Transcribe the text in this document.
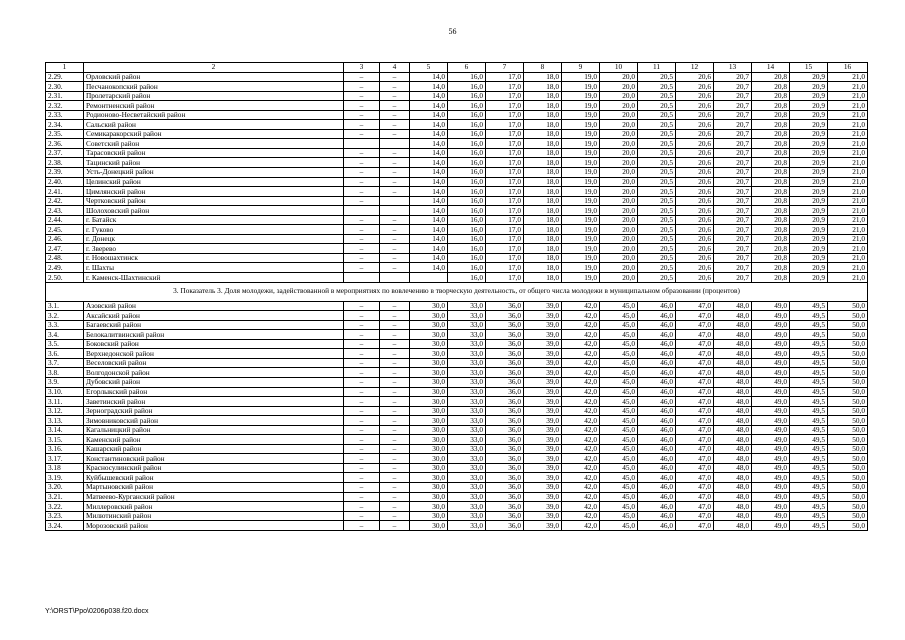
56
1	2	3	4	5	6	7	8	9	10	11	12	13	14	15	16
2.29.	Орловский район	–	–	14,0	16,0	17,0	18,0	19,0	20,0	20,5	20,6	20,7	20,8	20,9	21,0
2.30.	Песчанокопский район	–	–	14,0	16,0	17,0	18,0	19,0	20,0	20,5	20,6	20,7	20,8	20,9	21,0
2.31.	Пролетарский район	–	–	14,0	16,0	17,0	18,0	19,0	20,0	20,5	20,6	20,7	20,8	20,9	21,0
2.32.	Ремонтненский район	–	–	14,0	16,0	17,0	18,0	19,0	20,0	20,5	20,6	20,7	20,8	20,9	21,0
2.33.	Родионово-Несветайский район	–	–	14,0	16,0	17,0	18,0	19,0	20,0	20,5	20,6	20,7	20,8	20,9	21,0
2.34.	Сальский район	–	–	14,0	16,0	17,0	18,0	19,0	20,0	20,5	20,6	20,7	20,8	20,9	21,0
2.35.	Семикаракорский район	–	–	14,0	16,0	17,0	18,0	19,0	20,0	20,5	20,6	20,7	20,8	20,9	21,0
2.36.	Советский район			14,0	16,0	17,0	18,0	19,0	20,0	20,5	20,6	20,7	20,8	20,9	21,0
2.37.	Тарасовский район	–	–	14,0	16,0	17,0	18,0	19,0	20,0	20,5	20,6	20,7	20,8	20,9	21,0
2.38.	Тацинский район	–	–	14,0	16,0	17,0	18,0	19,0	20,0	20,5	20,6	20,7	20,8	20,9	21,0
2.39.	Усть-Донецкий район	–	–	14,0	16,0	17,0	18,0	19,0	20,0	20,5	20,6	20,7	20,8	20,9	21,0
2.40.	Целинский район	–	–	14,0	16,0	17,0	18,0	19,0	20,0	20,5	20,6	20,7	20,8	20,9	21,0
2.41.	Цимлянский район	–	–	14,0	16,0	17,0	18,0	19,0	20,0	20,5	20,6	20,7	20,8	20,9	21,0
2.42.	Чертковский район	–		14,0	16,0	17,0	18,0	19,0	20,0	20,5	20,6	20,7	20,8	20,9	21,0
2.43.	Шолоховский район			14,0	16,0	17,0	18,0	19,0	20,0	20,5	20,6	20,7	20,8	20,9	21,0
2.44.	г. Батайск	–	–	14,0	16,0	17,0	18,0	19,0	20,0	20,5	20,6	20,7	20,8	20,9	21,0
2.45.	г. Гуково	–	–	14,0	16,0	17,0	18,0	19,0	20,0	20,5	20,6	20,7	20,8	20,9	21,0
2.46.	г. Донецк	–	–	14,0	16,0	17,0	18,0	19,0	20,0	20,5	20,6	20,7	20,8	20,9	21,0
2.47.	г. Зверево	–	–	14,0	16,0	17,0	18,0	19,0	20,0	20,5	20,6	20,7	20,8	20,9	21,0
2.48.	г. Новошахтинск	–	–	14,0	16,0	17,0	18,0	19,0	20,0	20,5	20,6	20,7	20,8	20,9	21,0
2.49.	г. Шахты	–	–	14,0	16,0	17,0	18,0	19,0	20,0	20,5	20,6	20,7	20,8	20,9	21,0
2.50.	г. Каменск-Шахтинский				16,0	17,0	18,0	19,0	20,0	20,5	20,6	20,7	20,8	20,9	21,0
3. Показатель 3. Доля молодежи, задействованной в мероприятиях по вовлечению в творческую деятельность, от общего числа молодежи в муниципальном образовании (процентов)															
3.1.	Азовский район	–	–	30,0	33,0	36,0	39,0	42,0	45,0	46,0	47,0	48,0	49,0	49,5	50,0
3.2.	Аксайский район	–	–	30,0	33,0	36,0	39,0	42,0	45,0	46,0	47,0	48,0	49,0	49,5	50,0
3.3.	Багаевский район	–	–	30,0	33,0	36,0	39,0	42,0	45,0	46,0	47,0	48,0	49,0	49,5	50,0
3.4.	Белокалитвинский район	–	–	30,0	33,0	36,0	39,0	42,0	45,0	46,0	47,0	48,0	49,0	49,5	50,0
3.5.	Боковский район	–	–	30,0	33,0	36,0	39,0	42,0	45,0	46,0	47,0	48,0	49,0	49,5	50,0
3.6.	Верхнедонской район	–	–	30,0	33,0	36,0	39,0	42,0	45,0	46,0	47,0	48,0	49,0	49,5	50,0
3.7.	Веселовский район	–	–	30,0	33,0	36,0	39,0	42,0	45,0	46,0	47,0	48,0	49,0	49,5	50,0
3.8.	Волгодонской район	–	–	30,0	33,0	36,0	39,0	42,0	45,0	46,0	47,0	48,0	49,0	49,5	50,0
3.9.	Дубовский район	–	–	30,0	33,0	36,0	39,0	42,0	45,0	46,0	47,0	48,0	49,0	49,5	50,0
3.10.	Егорлыкский район	–	–	30,0	33,0	36,0	39,0	42,0	45,0	46,0	47,0	48,0	49,0	49,5	50,0
3.11.	Заветинский район	–	–	30,0	33,0	36,0	39,0	42,0	45,0	46,0	47,0	48,0	49,0	49,5	50,0
3.12.	Зерноградский район	–	–	30,0	33,0	36,0	39,0	42,0	45,0	46,0	47,0	48,0	49,0	49,5	50,0
3.13.	Зимовниковский район	–	–	30,0	33,0	36,0	39,0	42,0	45,0	46,0	47,0	48,0	49,0	49,5	50,0
3.14.	Кагальницкий район	–	–	30,0	33,0	36,0	39,0	42,0	45,0	46,0	47,0	48,0	49,0	49,5	50,0
3.15.	Каменский район	–	–	30,0	33,0	36,0	39,0	42,0	45,0	46,0	47,0	48,0	49,0	49,5	50,0
3.16.	Кашарский район	–	–	30,0	33,0	36,0	39,0	42,0	45,0	46,0	47,0	48,0	49,0	49,5	50,0
3.17.	Константиновский район	–	–	30,0	33,0	36,0	39,0	42,0	45,0	46,0	47,0	48,0	49,0	49,5	50,0
3.18	Красносулинский район	–	–	30,0	33,0	36,0	39,0	42,0	45,0	46,0	47,0	48,0	49,0	49,5	50,0
3.19.	Куйбышевский район	–	–	30,0	33,0	36,0	39,0	42,0	45,0	46,0	47,0	48,0	49,0	49,5	50,0
3.20.	Мартыновский район	–	–	30,0	33,0	36,0	39,0	42,0	45,0	46,0	47,0	48,0	49,0	49,5	50,0
3.21.	Матвеево-Курганский район	–	–	30,0	33,0	36,0	39,0	42,0	45,0	46,0	47,0	48,0	49,0	49,5	50,0
3.22.	Миллеровский район	–	–	30,0	33,0	36,0	39,0	42,0	45,0	46,0	47,0	48,0	49,0	49,5	50,0
3.23.	Милютинский район	–	–	30,0	33,0	36,0	39,0	42,0	45,0	46,0	47,0	48,0	49,0	49,5	50,0
3.24.	Морозовский район	–	–	30,0	33,0	36,0	39,0	42,0	45,0	46,0	47,0	48,0	49,0	49,5	50,0
Y:\ORST\Ppo\0206p038.f20.docx
